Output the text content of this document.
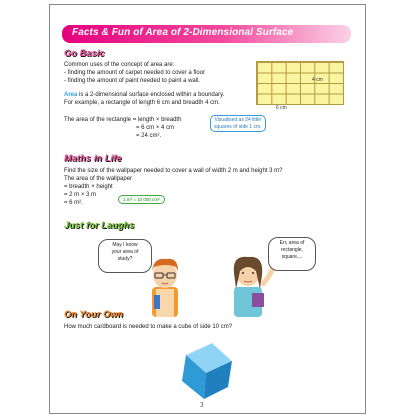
Facts & Fun of Area of 2-Dimensional Surface
Go Basic
Common uses of the concept of area are:
- finding the amount of carpet needed to cover a floor
- finding the amount of paint needed to paint a wall.
Area is a 2-dimensional surface enclosed within a boundary.
For example, a rectangle of length 6 cm and breadth 4 cm.
The area of the rectangle = length × breadth
= 6 cm × 4 cm
= 24 cm².
Visualised as 24 little
squares of side 1 cm.
4 cm
6 cm
Maths in Life
Find the size of the wallpaper needed to cover a wall of width 2 m and height 3 m?
The area of the wallpaper
= breadth × height
= 2 m × 3 m
= 6 m².
1 m² = 10 000 cm²
Just for Laughs
May I know
your area of
study?
Err, area of
rectangle,
square,...
On Your Own
How much cardboard is needed to make a cube of side 10 cm?
3
